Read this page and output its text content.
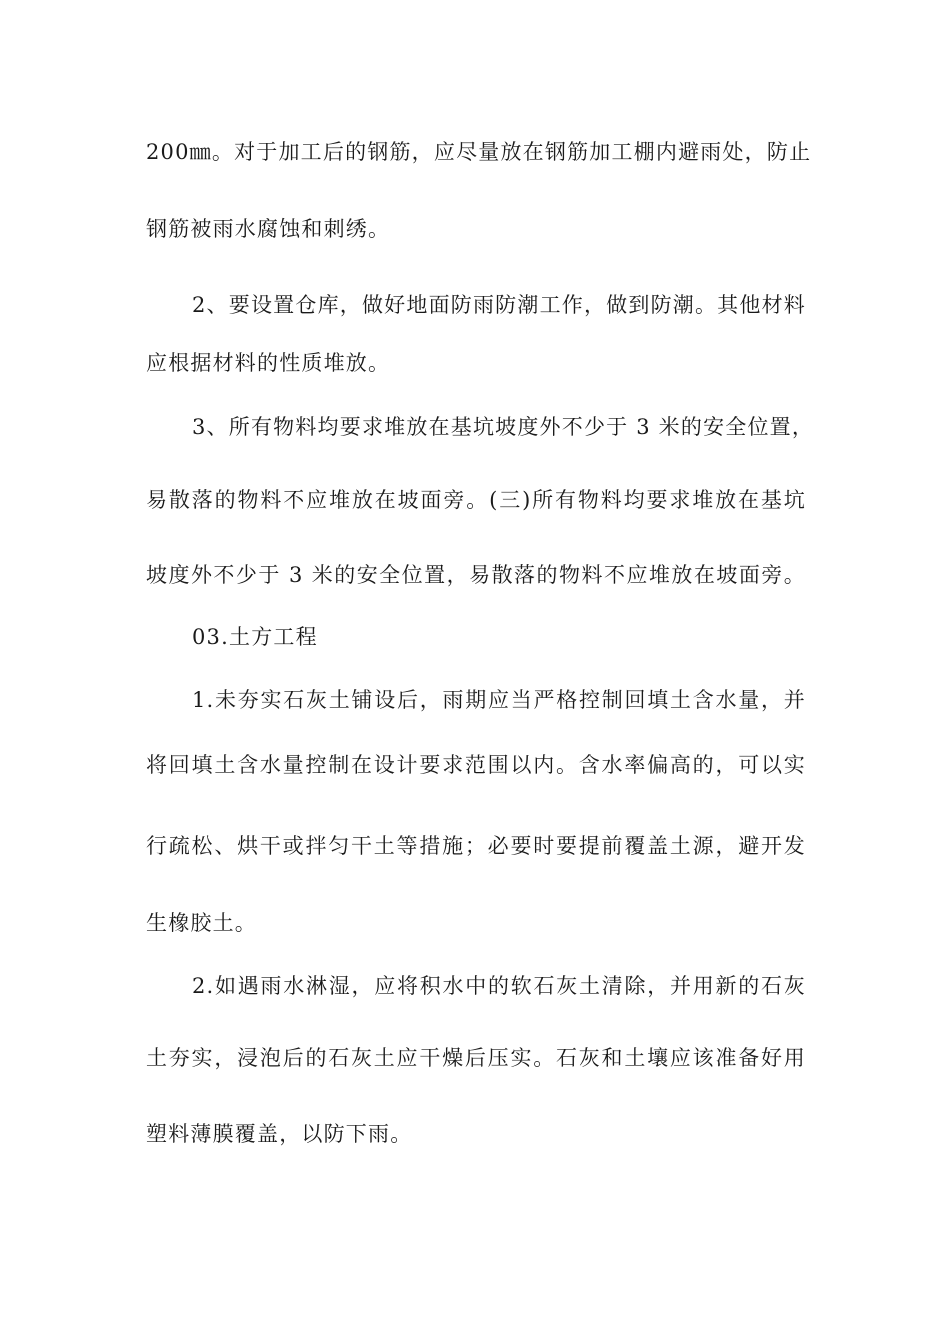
200㎜。对于加工后的钢筋，应尽量放在钢筋加工棚内避雨处，防止
钢筋被雨水腐蚀和刺绣。
2、要设置仓库，做好地面防雨防潮工作，做到防潮。其他材料
应根据材料的性质堆放。
3、所有物料均要求堆放在基坑坡度外不少于 3 米的安全位置，
易散落的物料不应堆放在坡面旁。(三)所有物料均要求堆放在基坑
坡度外不少于 3 米的安全位置，易散落的物料不应堆放在坡面旁。
03.土方工程
1.未夯实石灰土铺设后，雨期应当严格控制回填土含水量，并
将回填土含水量控制在设计要求范围以内。含水率偏高的，可以实
行疏松、烘干或拌匀干土等措施；必要时要提前覆盖土源，避开发
生橡胶土。
2.如遇雨水淋湿，应将积水中的软石灰土清除，并用新的石灰
土夯实，浸泡后的石灰土应干燥后压实。石灰和土壤应该准备好用
塑料薄膜覆盖，以防下雨。
